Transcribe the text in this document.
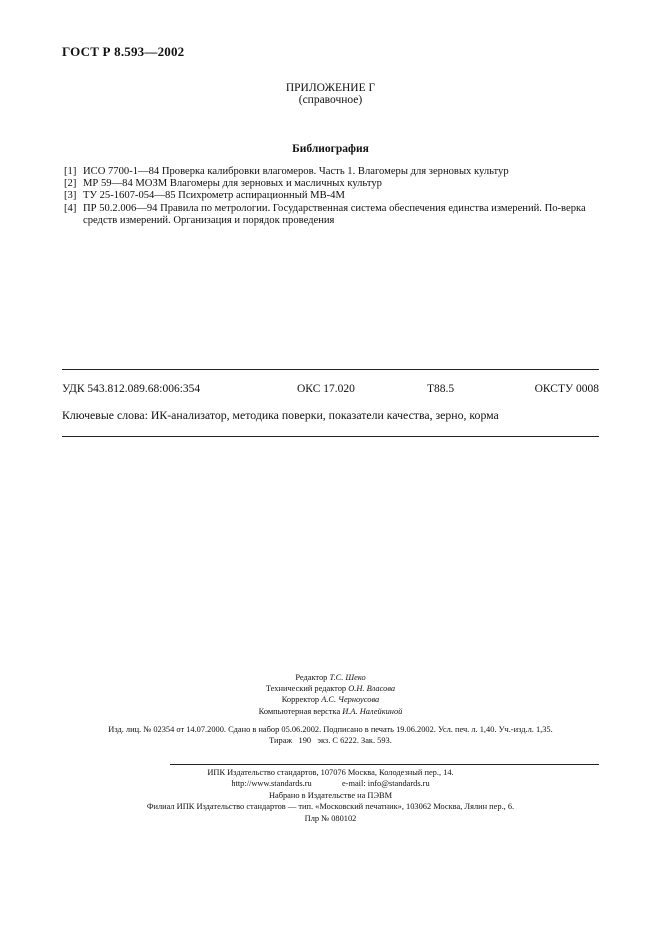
ГОСТ Р 8.593—2002
ПРИЛОЖЕНИЕ Г
(справочное)
Библиография
[1] ИСО 7700-1—84 Проверка калибровки влагомеров. Часть 1. Влагомеры для зерновых культур
[2] МР 59—84 МОЗМ Влагомеры для зерновых и масличных культур
[3] ТУ 25-1607-054—85 Психрометр аспирационный МВ-4М
[4] ПР 50.2.006—94 Правила по метрологии. Государственная система обеспечения единства измерений. По-верка средств измерений. Организация и порядок проведения
УДК 543.812.089.68:006:354	ОКС 17.020	Т88.5	ОКСТУ 0008
Ключевые слова: ИК-анализатор, методика поверки, показатели качества, зерно, корма
Редактор Т.С. Шеко
Технический редактор О.Н. Власова
Корректор А.С. Черноусова
Компьютерная верстка И.А. Налейкиной
Изд. лиц. № 02354 от 14.07.2000. Сдано в набор 05.06.2002. Подписано в печать 19.06.2002. Усл. печ. л. 1,40. Уч.-изд.л. 1,35.
Тираж   190   экз. С 6222. Зак. 593.
ИПК Издательство стандартов, 107076 Москва, Колодезный пер., 14.
http://www.standards.ru	e-mail: info@standards.ru
Набрано в Издательстве на ПЭВМ
Филиал ИПК Издательство стандартов — тип. «Московский печатник», 103062 Москва, Лялин пер., 6.
Плр № 080102
